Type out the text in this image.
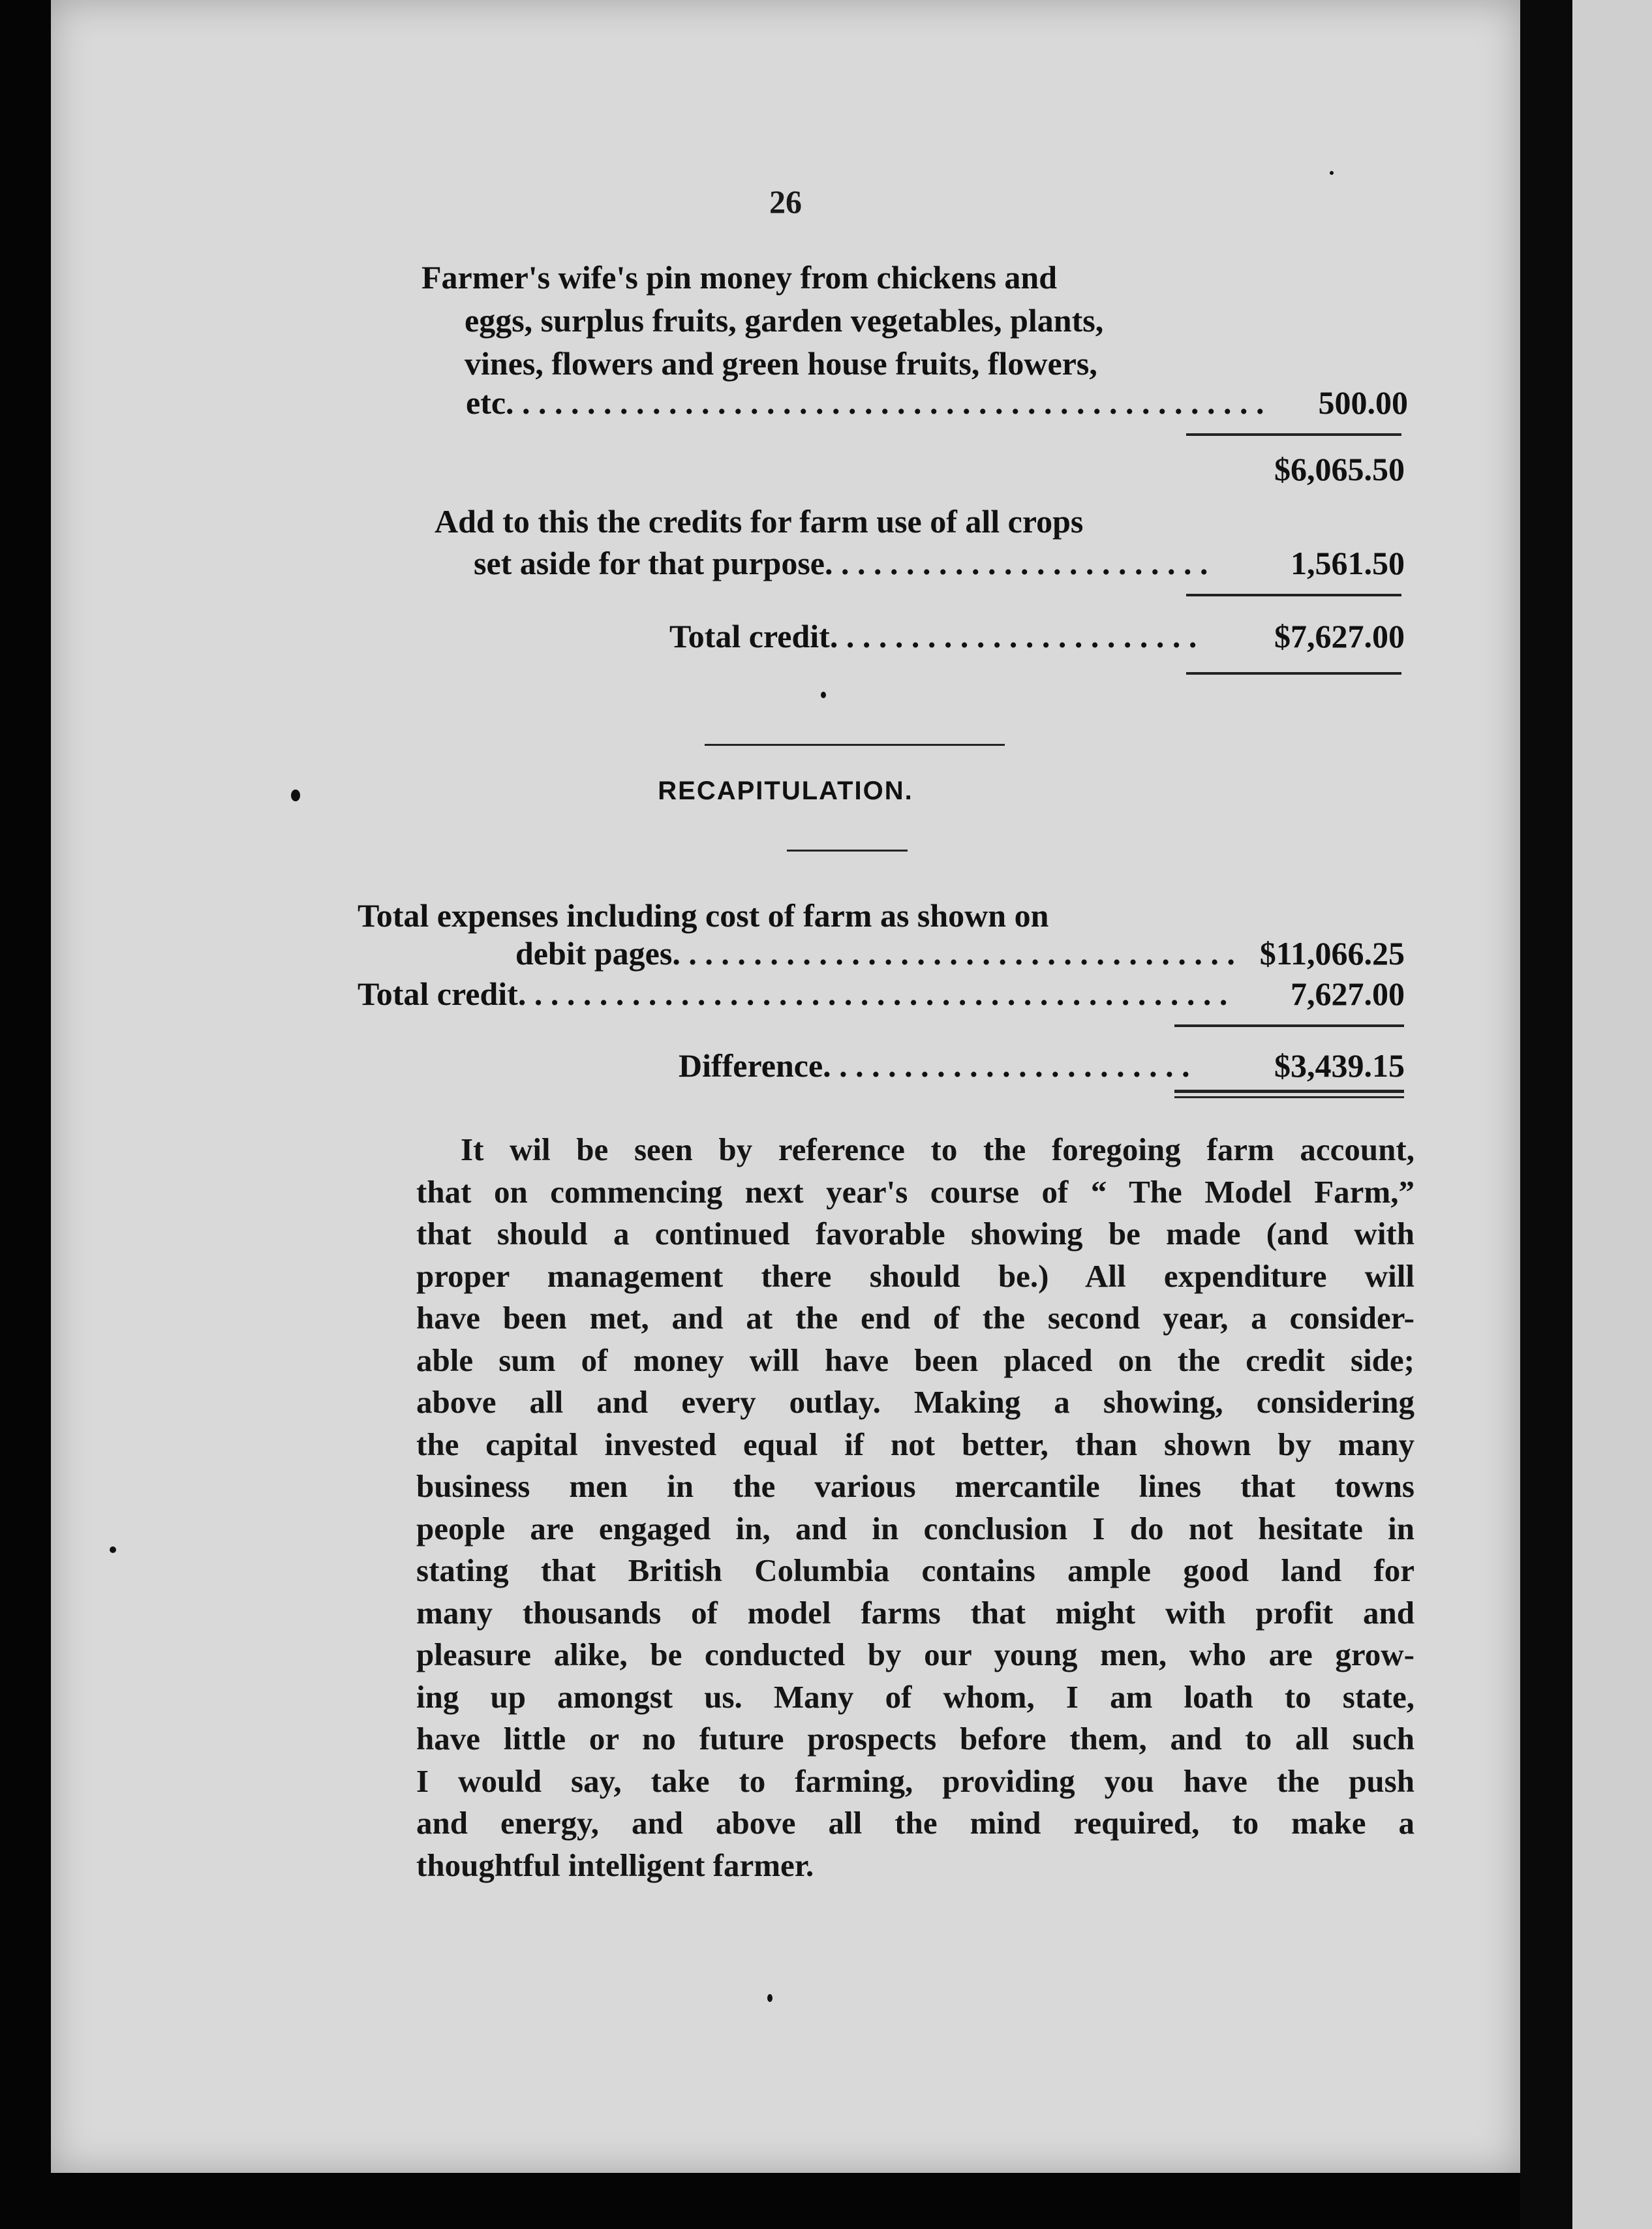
26
Farmer's wife's pin money from chickens and
eggs, surplus fruits, garden vegetables, plants,
vines, flowers and green house fruits, flowers,
etc. . . . . . . . . . . . . . . . . . . . . . . . . . . . . . . . . . . . . . . . . . . . . . .	500.00
$6,065.50
Add to this the credits for farm use of all crops
set aside for that purpose. . . . . . . . . . . . . . . . . . . . . . . .	1,561.50
Total credit. . . . . . . . . . . . . . . . . . . . . . .	$7,627.00
RECAPITULATION.
Total expenses including cost of farm as shown on
debit pages. . . . . . . . . . . . . . . . . . . . . . . . . . . . . . . . . . . $11,066.25
Total credit. . . . . . . . . . . . . . . . . . . . . . . . . . . . . . . . . . . . . . . . . . . .	7,627.00
Difference. . . . . . . . . . . . . . . . . . . . . . .	$3,439.15
It wil be seen by reference to the foregoing farm account,
that on commencing next year's course of “ The Model Farm,”
that should a continued favorable showing be made (and with
proper management there should be.) All expenditure will
have been met, and at the end of the second year, a consider-
able sum of money will have been placed on the credit side;
above all and every outlay. Making a showing, considering
the capital invested equal if not better, than shown by many
business men in the various mercantile lines that towns
people are engaged in, and in conclusion I do not hesitate in
stating that British Columbia contains ample good land for
many thousands of model farms that might with profit and
pleasure alike, be conducted by our young men, who are grow-
ing up amongst us. Many of whom, I am loath to state,
have little or no future prospects before them, and to all such
I would say, take to farming, providing you have the push
and energy, and above all the mind required, to make a
thoughtful intelligent farmer.
